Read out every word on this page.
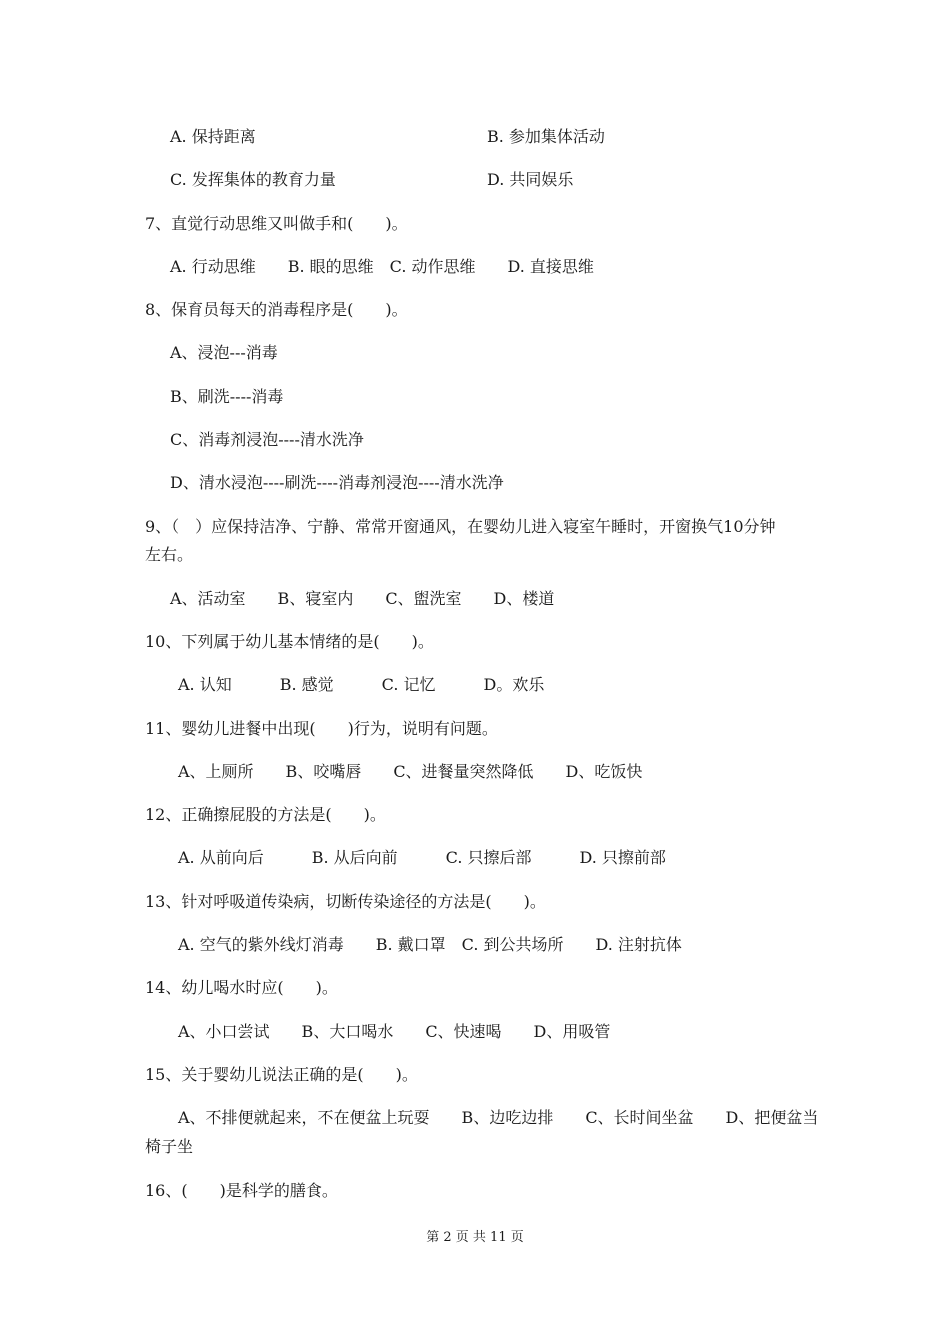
A. 保持距离	B. 参加集体活动
C. 发挥集体的教育力量	D. 共同娱乐
7、直觉行动思维又叫做手和(　　)。
A. 行动思维　　B. 眼的思维　C. 动作思维　　D. 直接思维
8、保育员每天的消毒程序是(　　)。
A、浸泡---消毒
B、刷洗----消毒
C、消毒剂浸泡----清水洗净
D、清水浸泡----刷洗----消毒剂浸泡----清水洗净
9、（　）应保持洁净、宁静、常常开窗通风，在婴幼儿进入寝室午睡时，开窗换气10分钟
左右。
A、活动室　　B、寝室内　　C、盥洗室　　D、楼道
10、下列属于幼儿基本情绪的是(　　)。
A. 认知　　　B. 感觉　　　C. 记忆　　　D。欢乐
11、婴幼儿进餐中出现(　　)行为，说明有问题。
A、上厕所　　B、咬嘴唇　　C、进餐量突然降低　　D、吃饭快
12、正确擦屁股的方法是(　　)。
A. 从前向后　　　B. 从后向前　　　C. 只擦后部　　　D. 只擦前部
13、针对呼吸道传染病，切断传染途径的方法是(　　)。
A. 空气的紫外线灯消毒　　B. 戴口罩　C. 到公共场所　　D. 注射抗体
14、幼儿喝水时应(　　)。
A、小口尝试　　B、大口喝水　　C、快速喝　　D、用吸管
15、关于婴幼儿说法正确的是(　　)。
A、不排便就起来，不在便盆上玩耍　　B、边吃边排　　C、长时间坐盆　　D、把便盆当
椅子坐
16、(　　)是科学的膳食。
第 2 页 共 11 页
